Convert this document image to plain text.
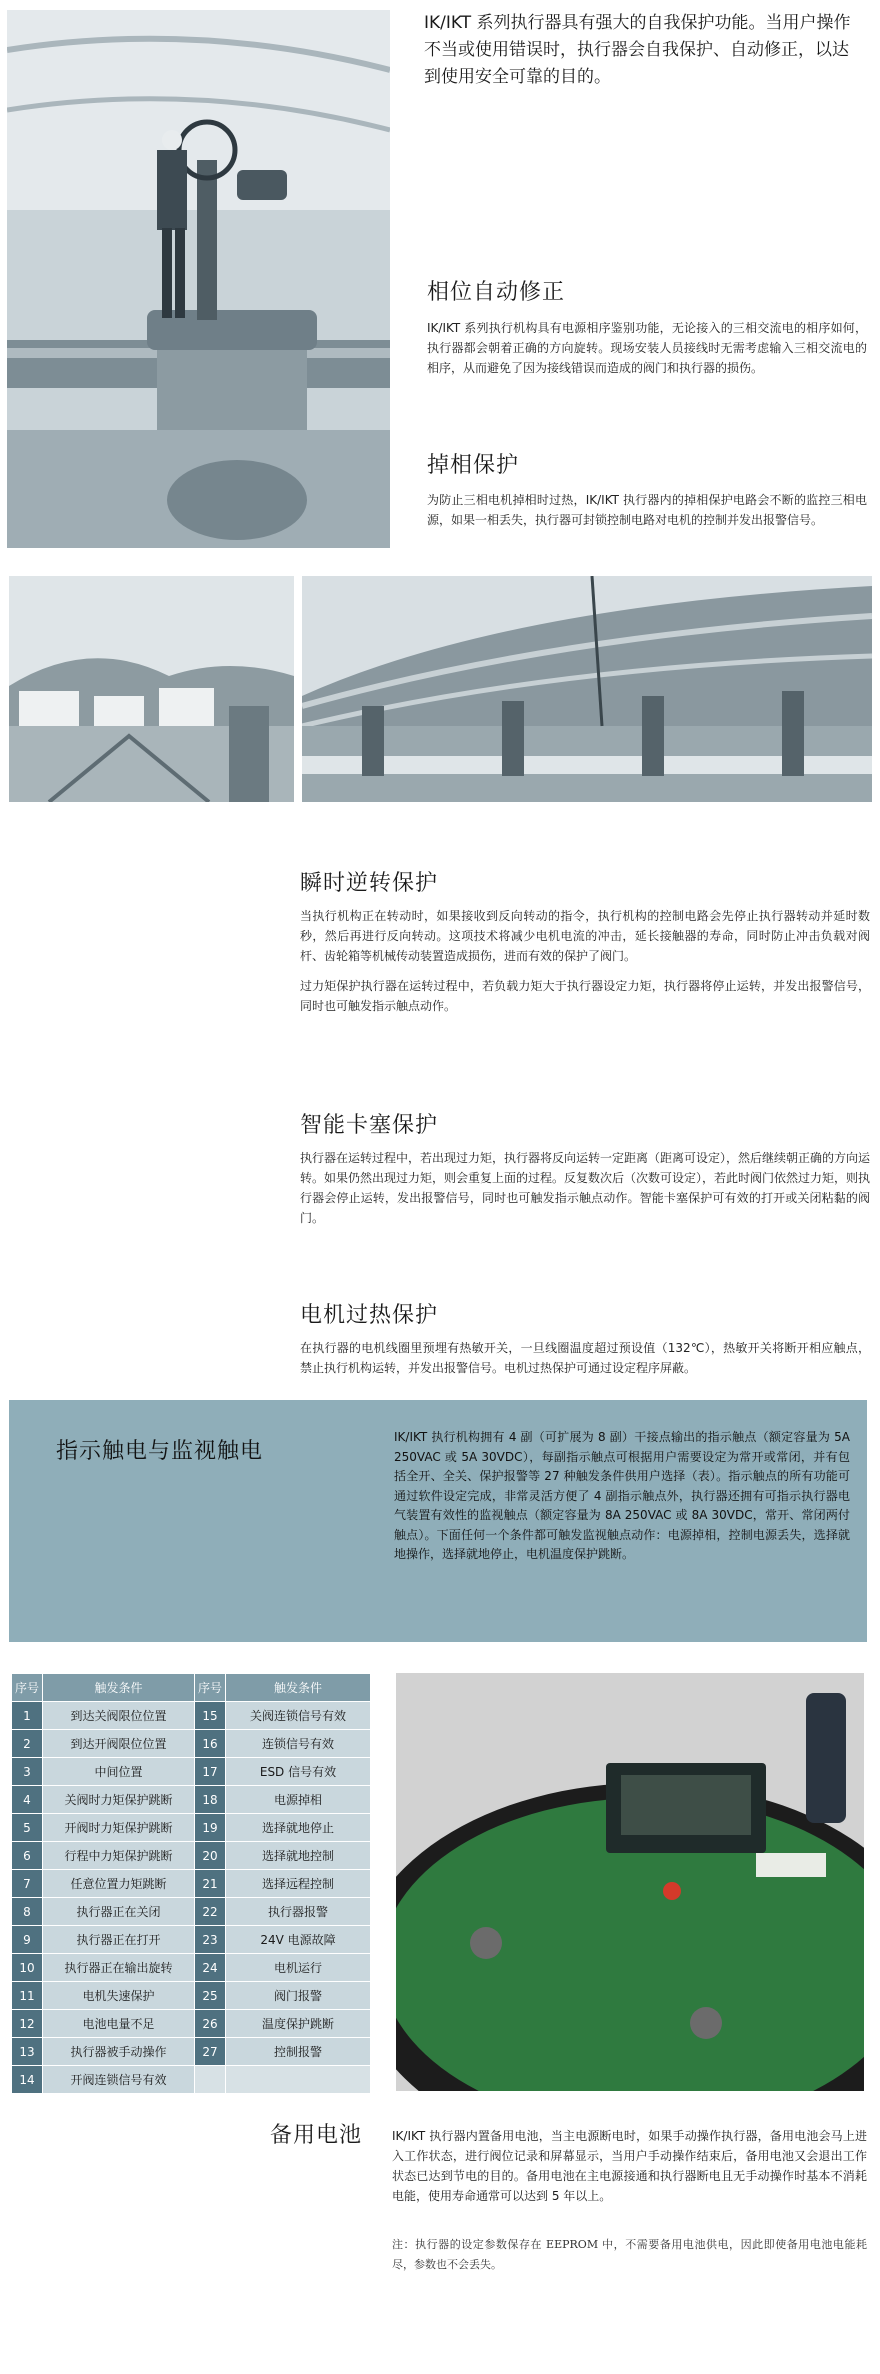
IK/IKT 系列执行器具有强大的自我保护功能。当用户操作不当或使用错误时，执行器会自我保护、自动修正，以达到使用安全可靠的目的。
相位自动修正

IK/IKT 系列执行机构具有电源相序鉴别功能，无论接入的三相交流电的相序如何，执行器都会朝着正确的方向旋转。现场安装人员接线时无需考虑输入三相交流电的相序，从而避免了因为接线错误而造成的阀门和执行器的损伤。

掉相保护

为防止三相电机掉相时过热，IK/IKT 执行器内的掉相保护电路会不断的监控三相电源，如果一相丢失，执行器可封锁控制电路对电机的控制并发出报警信号。

瞬时逆转保护

当执行机构正在转动时，如果接收到反向转动的指令，执行机构的控制电路会先停止执行器转动并延时数秒，然后再进行反向转动。这项技术将减少电机电流的冲击，延长接触器的寿命，同时防止冲击负载对阀杆、齿轮箱等机械传动装置造成损伤，进而有效的保护了阀门。

过力矩保护执行器在运转过程中，若负载力矩大于执行器设定力矩，执行器将停止运转，并发出报警信号，同时也可触发指示触点动作。

智能卡塞保护

执行器在运转过程中，若出现过力矩，执行器将反向运转一定距离（距离可设定），然后继续朝正确的方向运转。如果仍然出现过力矩，则会重复上面的过程。反复数次后（次数可设定），若此时阀门依然过力矩，则执行器会停止运转，发出报警信号，同时也可触发指示触点动作。智能卡塞保护可有效的打开或关闭粘黏的阀门。

电机过热保护

在执行器的电机线圈里预埋有热敏开关，一旦线圈温度超过预设值（132℃），热敏开关将断开相应触点，禁止执行机构运转，并发出报警信号。电机过热保护可通过设定程序屏蔽。

指示触电与监视触电
IK/IKT 执行机构拥有 4 副（可扩展为 8 副）干接点输出的指示触点（额定容量为 5A 250VAC 或 5A 30VDC），每副指示触点可根据用户需要设定为常开或常闭，并有包括全开、全关、保护报警等 27 种触发条件供用户选择（表）。指示触点的所有功能可通过软件设定完成，非常灵活方便了 4 副指示触点外，执行器还拥有可指示执行器电气装置有效性的监视触点（额定容量为 8A 250VAC 或 8A 30VDC，常开、常闭两付触点）。下面任何一个条件都可触发监视触点动作：电源掉相，控制电源丢失，选择就地操作，选择就地停止，电机温度保护跳断。
序号	触发条件	序号	触发条件
1	到达关阀限位位置	15	关阀连锁信号有效
2	到达开阀限位位置	16	连锁信号有效
3	中间位置	17	ESD 信号有效
4	关阀时力矩保护跳断	18	电源掉相
5	开阀时力矩保护跳断	19	选择就地停止
6	行程中力矩保护跳断	20	选择就地控制
7	任意位置力矩跳断	21	选择远程控制
8	执行器正在关闭	22	执行器报警
9	执行器正在打开	23	24V 电源故障
10	执行器正在输出旋转	24	电机运行
11	电机失速保护	25	阀门报警
12	电池电量不足	26	温度保护跳断
13	执行器被手动操作	27	控制报警
14	开阀连锁信号有效		
备用电池 IK/IKT 执行器内置备用电池，当主电源断电时，如果手动操作执行器，备用电池会马上进入工作状态，进行阀位记录和屏幕显示，当用户手动操作结束后，备用电池又会退出工作状态已达到节电的目的。备用电池在主电源接通和执行器断电且无手动操作时基本不消耗电能，使用寿命通常可以达到 5 年以上。
注：执行器的设定参数保存在 EEPROM 中，不需要备用电池供电，因此即使备用电池电能耗尽，参数也不会丢失。
